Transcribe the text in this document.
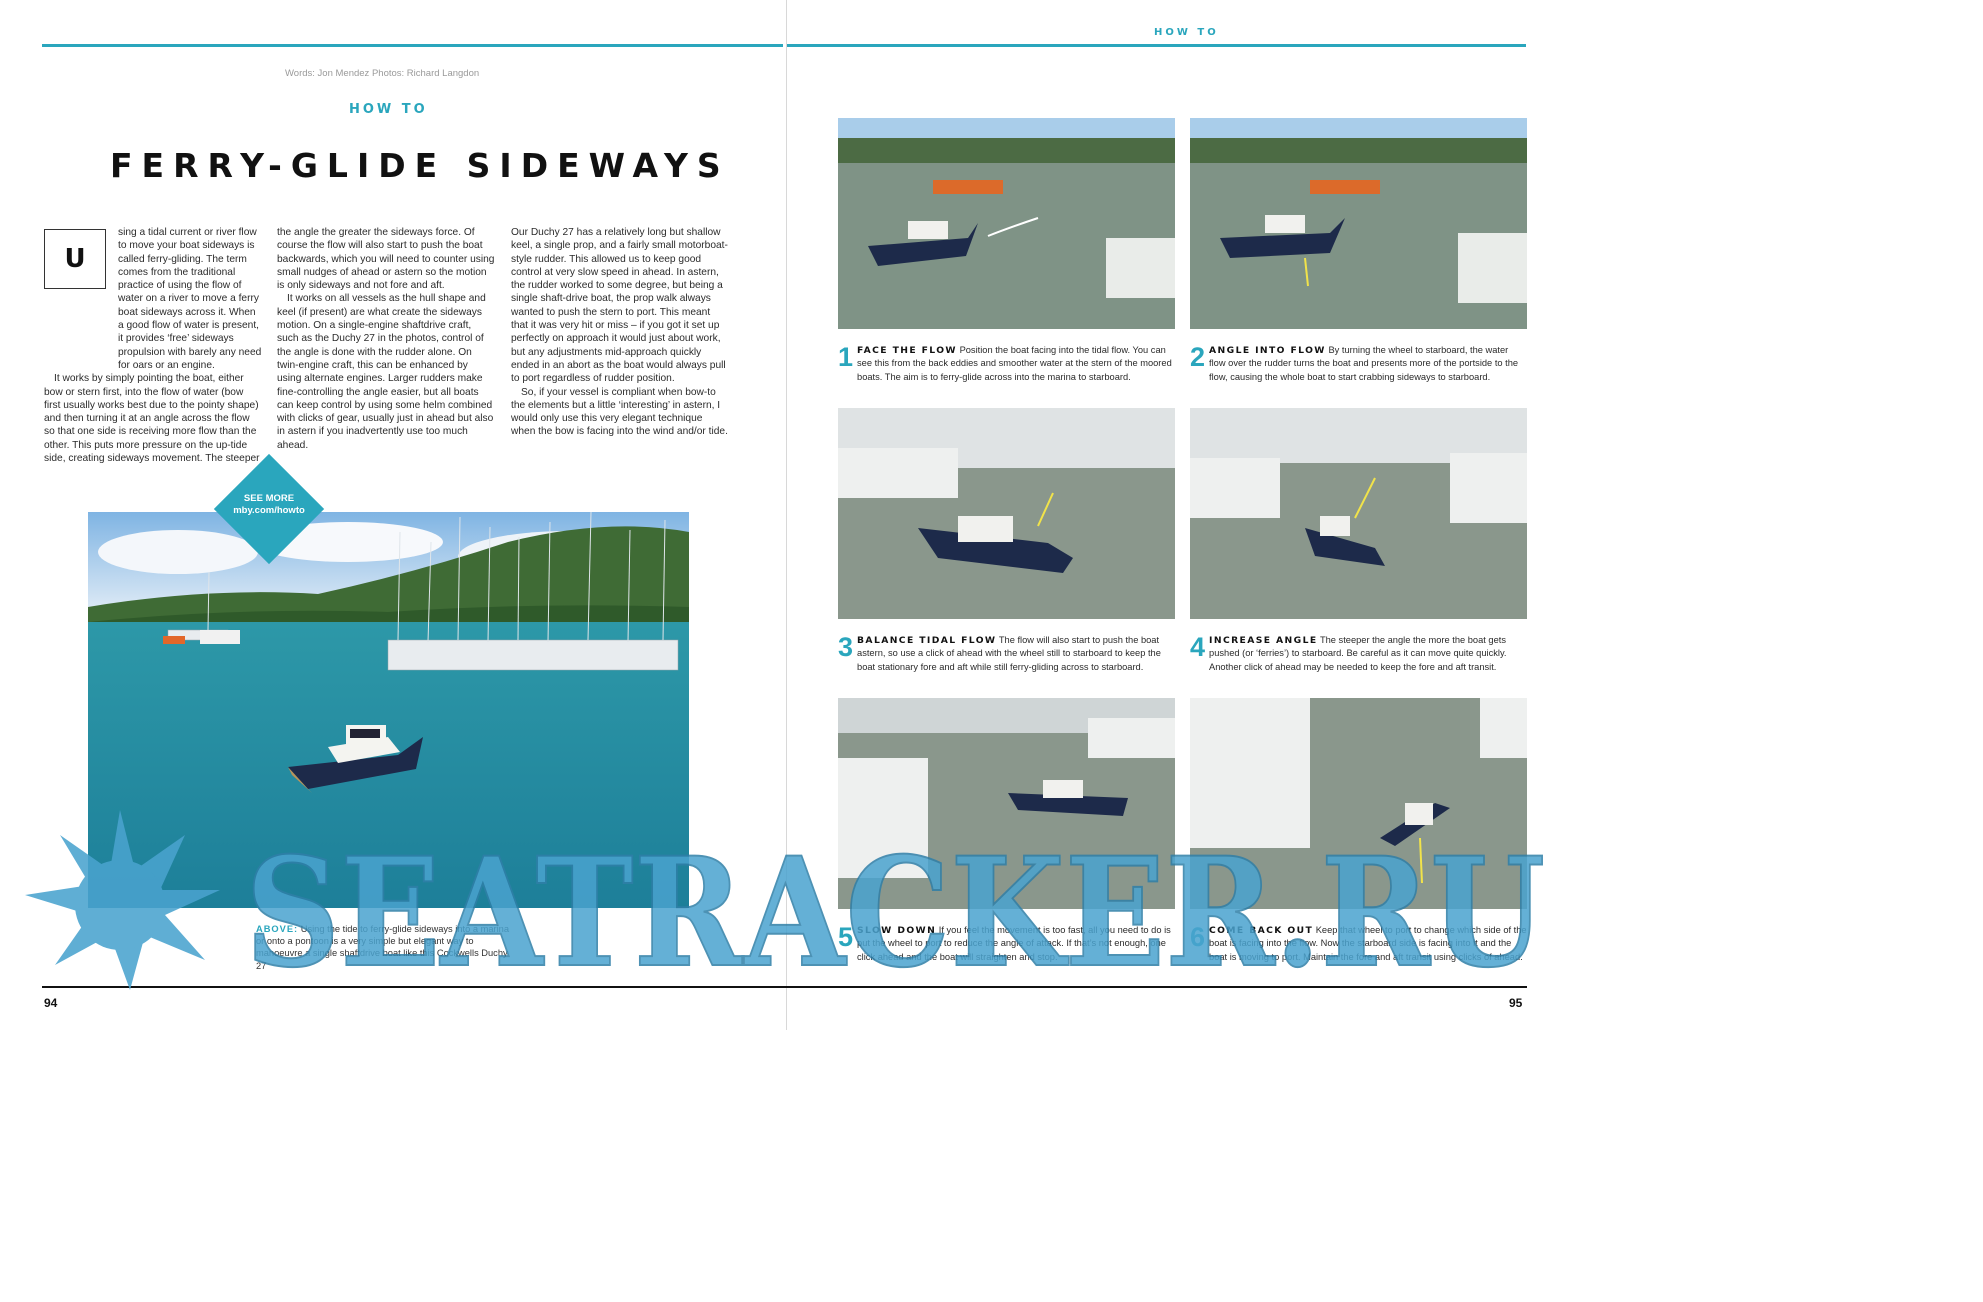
Words: Jon Mendez Photos: Richard Langdon
HOW TO
FERRY-GLIDE SIDEWAYS
U

sing a tidal current or river flow to move your boat sideways is called ferry-gliding. The term comes from the traditional practice of using the flow of water on a river to move a ferry boat sideways across it. When a good flow of water is present, it provides ‘free’ sideways propulsion with barely any need for oars or an engine.

It works by simply pointing the boat, either bow or stern first, into the flow of water (bow first usually works best due to the pointy shape) and then turning it at an angle across the flow so that one side is receiving more flow than the other. This puts more pressure on the up-tide side, creating sideways movement. The steeper

the angle the greater the sideways force. Of course the flow will also start to push the boat backwards, which you will need to counter using small nudges of ahead or astern so the motion is only sideways and not fore and aft.

It works on all vessels as the hull shape and keel (if present) are what create the sideways motion. On a single-engine shaftdrive craft, such as the Duchy 27 in the photos, control of the angle is done with the rudder alone. On twin-engine craft, this can be enhanced by using alternate engines. Larger rudders make fine-controlling the angle easier, but all boats can keep control by using some helm combined with clicks of gear, usually just in ahead but also in astern if you inadvertently use too much ahead.

Our Duchy 27 has a relatively long but shallow keel, a single prop, and a fairly small motorboat-style rudder. This allowed us to keep good control at very slow speed in ahead. In astern, the rudder worked to some degree, but being a single shaft-drive boat, the prop walk always wanted to push the stern to port. This meant that it was very hit or miss – if you got it set up perfectly on approach it would just about work, but any adjustments mid-approach quickly ended in an abort as the boat would always pull to port regardless of rudder position.

So, if your vessel is compliant when bow-to the elements but a little ‘interesting’ in astern, I would only use this very elegant technique when the bow is facing into the wind and/or tide.

SEE MORE
mby.com/howto
ABOVE: Using the tide to ferry-glide sideways into a marina or onto a pontoon is a very simple but elegant way to manoeuvre a single shaftdrive boat like this Cockwells Duchy 27
94
HOW TO
95
1 FACE THE FLOW Position the boat facing into the tidal flow. You can see this from the back eddies and smoother water at the stern of the moored boats. The aim is to ferry-glide across into the marina to starboard.
2 ANGLE INTO FLOW By turning the wheel to starboard, the water flow over the rudder turns the boat and presents more of the portside to the flow, causing the whole boat to start crabbing sideways to starboard.
3 BALANCE TIDAL FLOW The flow will also start to push the boat astern, so use a click of ahead with the wheel still to starboard to keep the boat stationary fore and aft while still ferry-gliding across to starboard.
4 INCREASE ANGLE The steeper the angle the more the boat gets pushed (or ‘ferries’) to starboard. Be careful as it can move quite quickly. Another click of ahead may be needed to keep the fore and aft transit.
5 SLOW DOWN If you feel the movement is too fast, all you need to do is put the wheel to port to reduce the angle of attack. If that’s not enough, one click ahead and the boat will straighten and stop.
6 COME BACK OUT Keep that wheel to port to change which side of the boat is facing into the flow. Now the starboard side is facing into it and the boat is moving to port. Maintain the fore and aft transit using clicks of ahead.
SEATRACKER.RU
